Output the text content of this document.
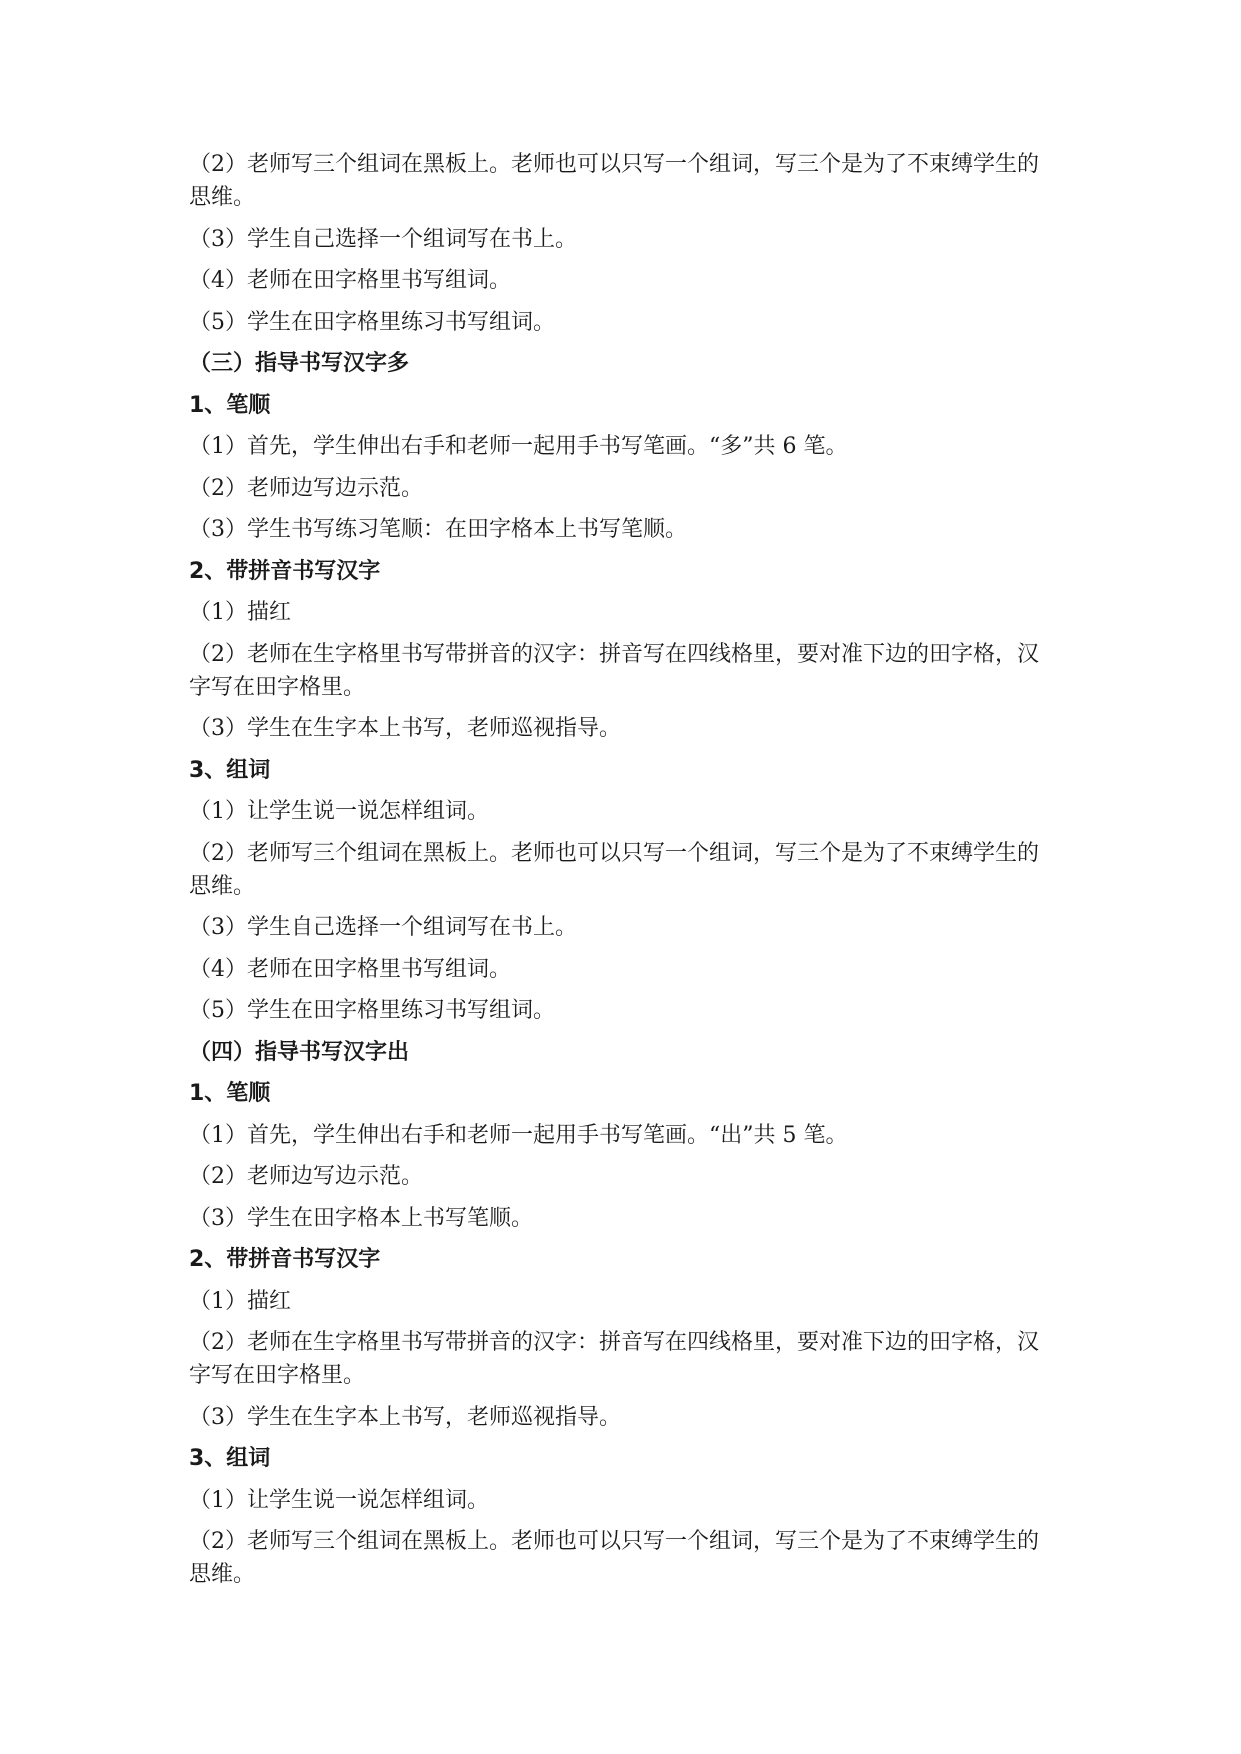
（2）老师写三个组词在黑板上。老师也可以只写一个组词，写三个是为了不束缚学生的思维。

（3）学生自己选择一个组词写在书上。

（4）老师在田字格里书写组词。

（5）学生在田字格里练习书写组词。

（三）指导书写汉字多

1、笔顺

（1）首先，学生伸出右手和老师一起用手书写笔画。“多”共 6 笔。

（2）老师边写边示范。

（3）学生书写练习笔顺：在田字格本上书写笔顺。

2、带拼音书写汉字

（1）描红

（2）老师在生字格里书写带拼音的汉字：拼音写在四线格里，要对准下边的田字格，汉字写在田字格里。

（3）学生在生字本上书写，老师巡视指导。

3、组词

（1）让学生说一说怎样组词。

（2）老师写三个组词在黑板上。老师也可以只写一个组词，写三个是为了不束缚学生的思维。

（3）学生自己选择一个组词写在书上。

（4）老师在田字格里书写组词。

（5）学生在田字格里练习书写组词。

（四）指导书写汉字出

1、笔顺

（1）首先，学生伸出右手和老师一起用手书写笔画。“出”共 5 笔。

（2）老师边写边示范。

（3）学生在田字格本上书写笔顺。

2、带拼音书写汉字

（1）描红

（2）老师在生字格里书写带拼音的汉字：拼音写在四线格里，要对准下边的田字格，汉字写在田字格里。

（3）学生在生字本上书写，老师巡视指导。

3、组词

（1）让学生说一说怎样组词。

（2）老师写三个组词在黑板上。老师也可以只写一个组词，写三个是为了不束缚学生的思维。
